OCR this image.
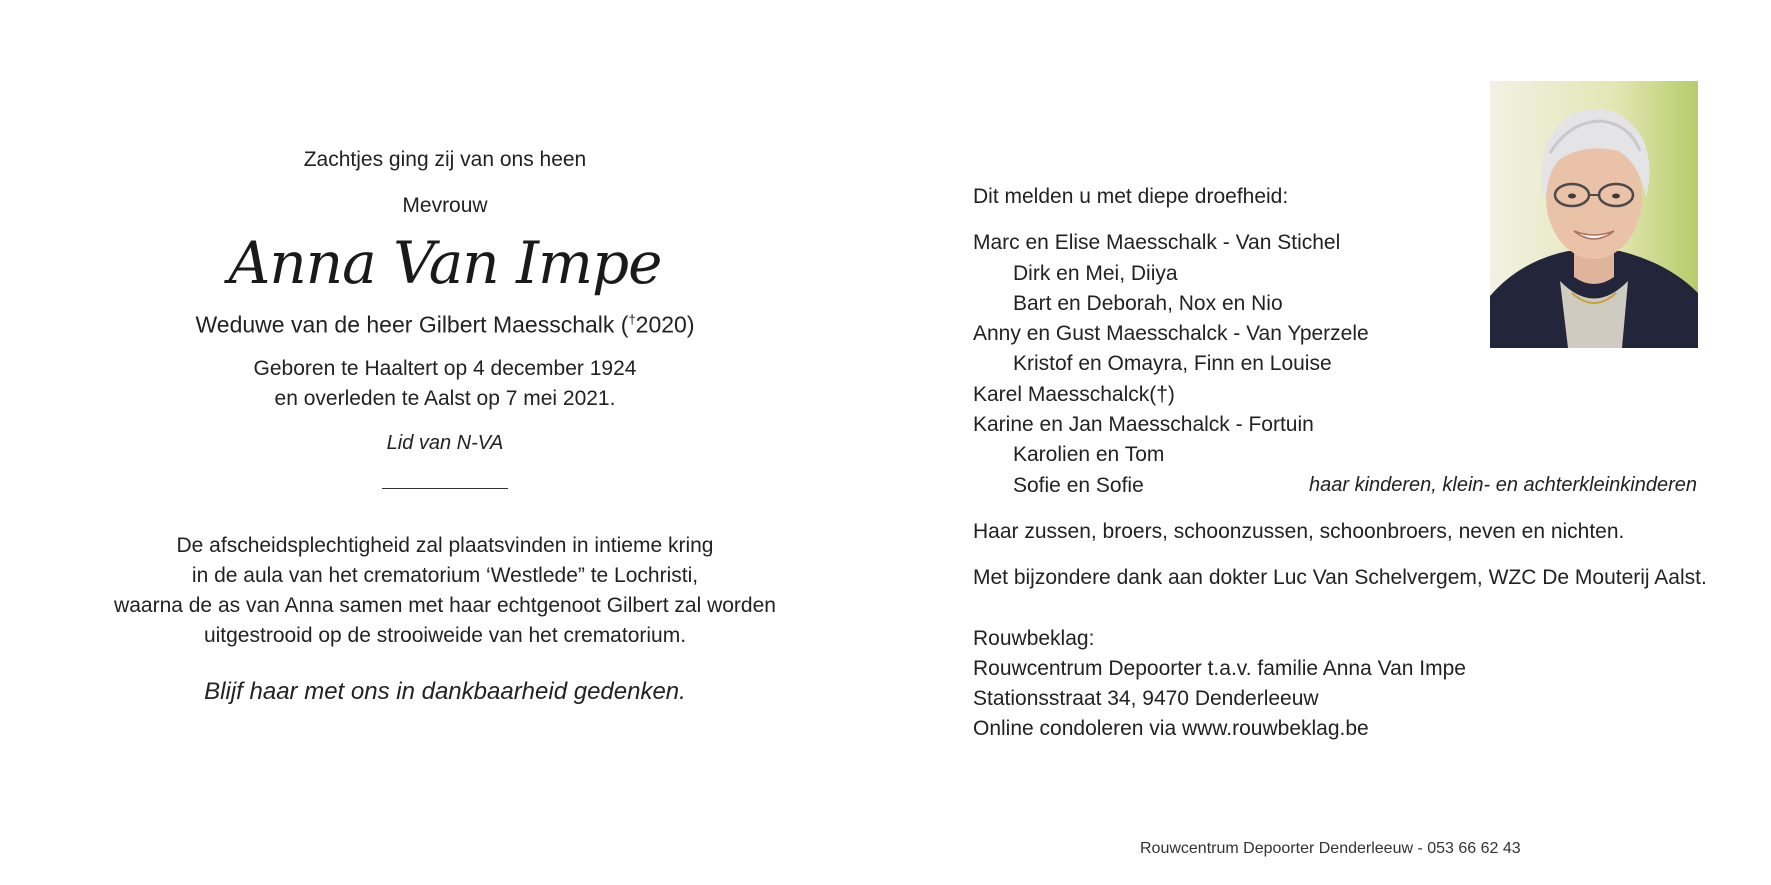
Zachtjes ging zij van ons heen

Mevrouw

Anna Van Impe

Weduwe van de heer Gilbert Maesschalk (†2020)

Geboren te Haaltert op 4 december 1924

en overleden te Aalst op 7 mei 2021.

Lid van N-VA

De afscheidsplechtigheid zal plaatsvinden in intieme kring

in de aula van het crematorium ‘Westlede” te Lochristi,

waarna de as van Anna samen met haar echtgenoot Gilbert zal worden

uitgestrooid op de strooiweide van het crematorium.

Blijf haar met ons in dankbaarheid gedenken.

Dit melden u met diepe droefheid:

Marc en Elise Maesschalk - Van Stichel
Dirk en Mei, Diiya
Bart en Deborah, Nox en Nio
Anny en Gust Maesschalck - Van Yperzele
Kristof en Omayra, Finn en Louise
Karel Maesschalck(†)
Karine en Jan Maesschalck - Fortuin
Karolien en Tom
Sofie en Sofie	haar kinderen, klein- en achterkleinkinderen

Haar zussen, broers, schoonzussen, schoonbroers, neven en nichten.

Met bijzondere dank aan dokter Luc Van Schelvergem, WZC De Mouterij Aalst.

Rouwbeklag:

Rouwcentrum Depoorter t.a.v. familie Anna Van Impe

Stationsstraat 34, 9470 Denderleeuw

Online condoleren via www.rouwbeklag.be

Rouwcentrum Depoorter Denderleeuw - 053 66 62 43
